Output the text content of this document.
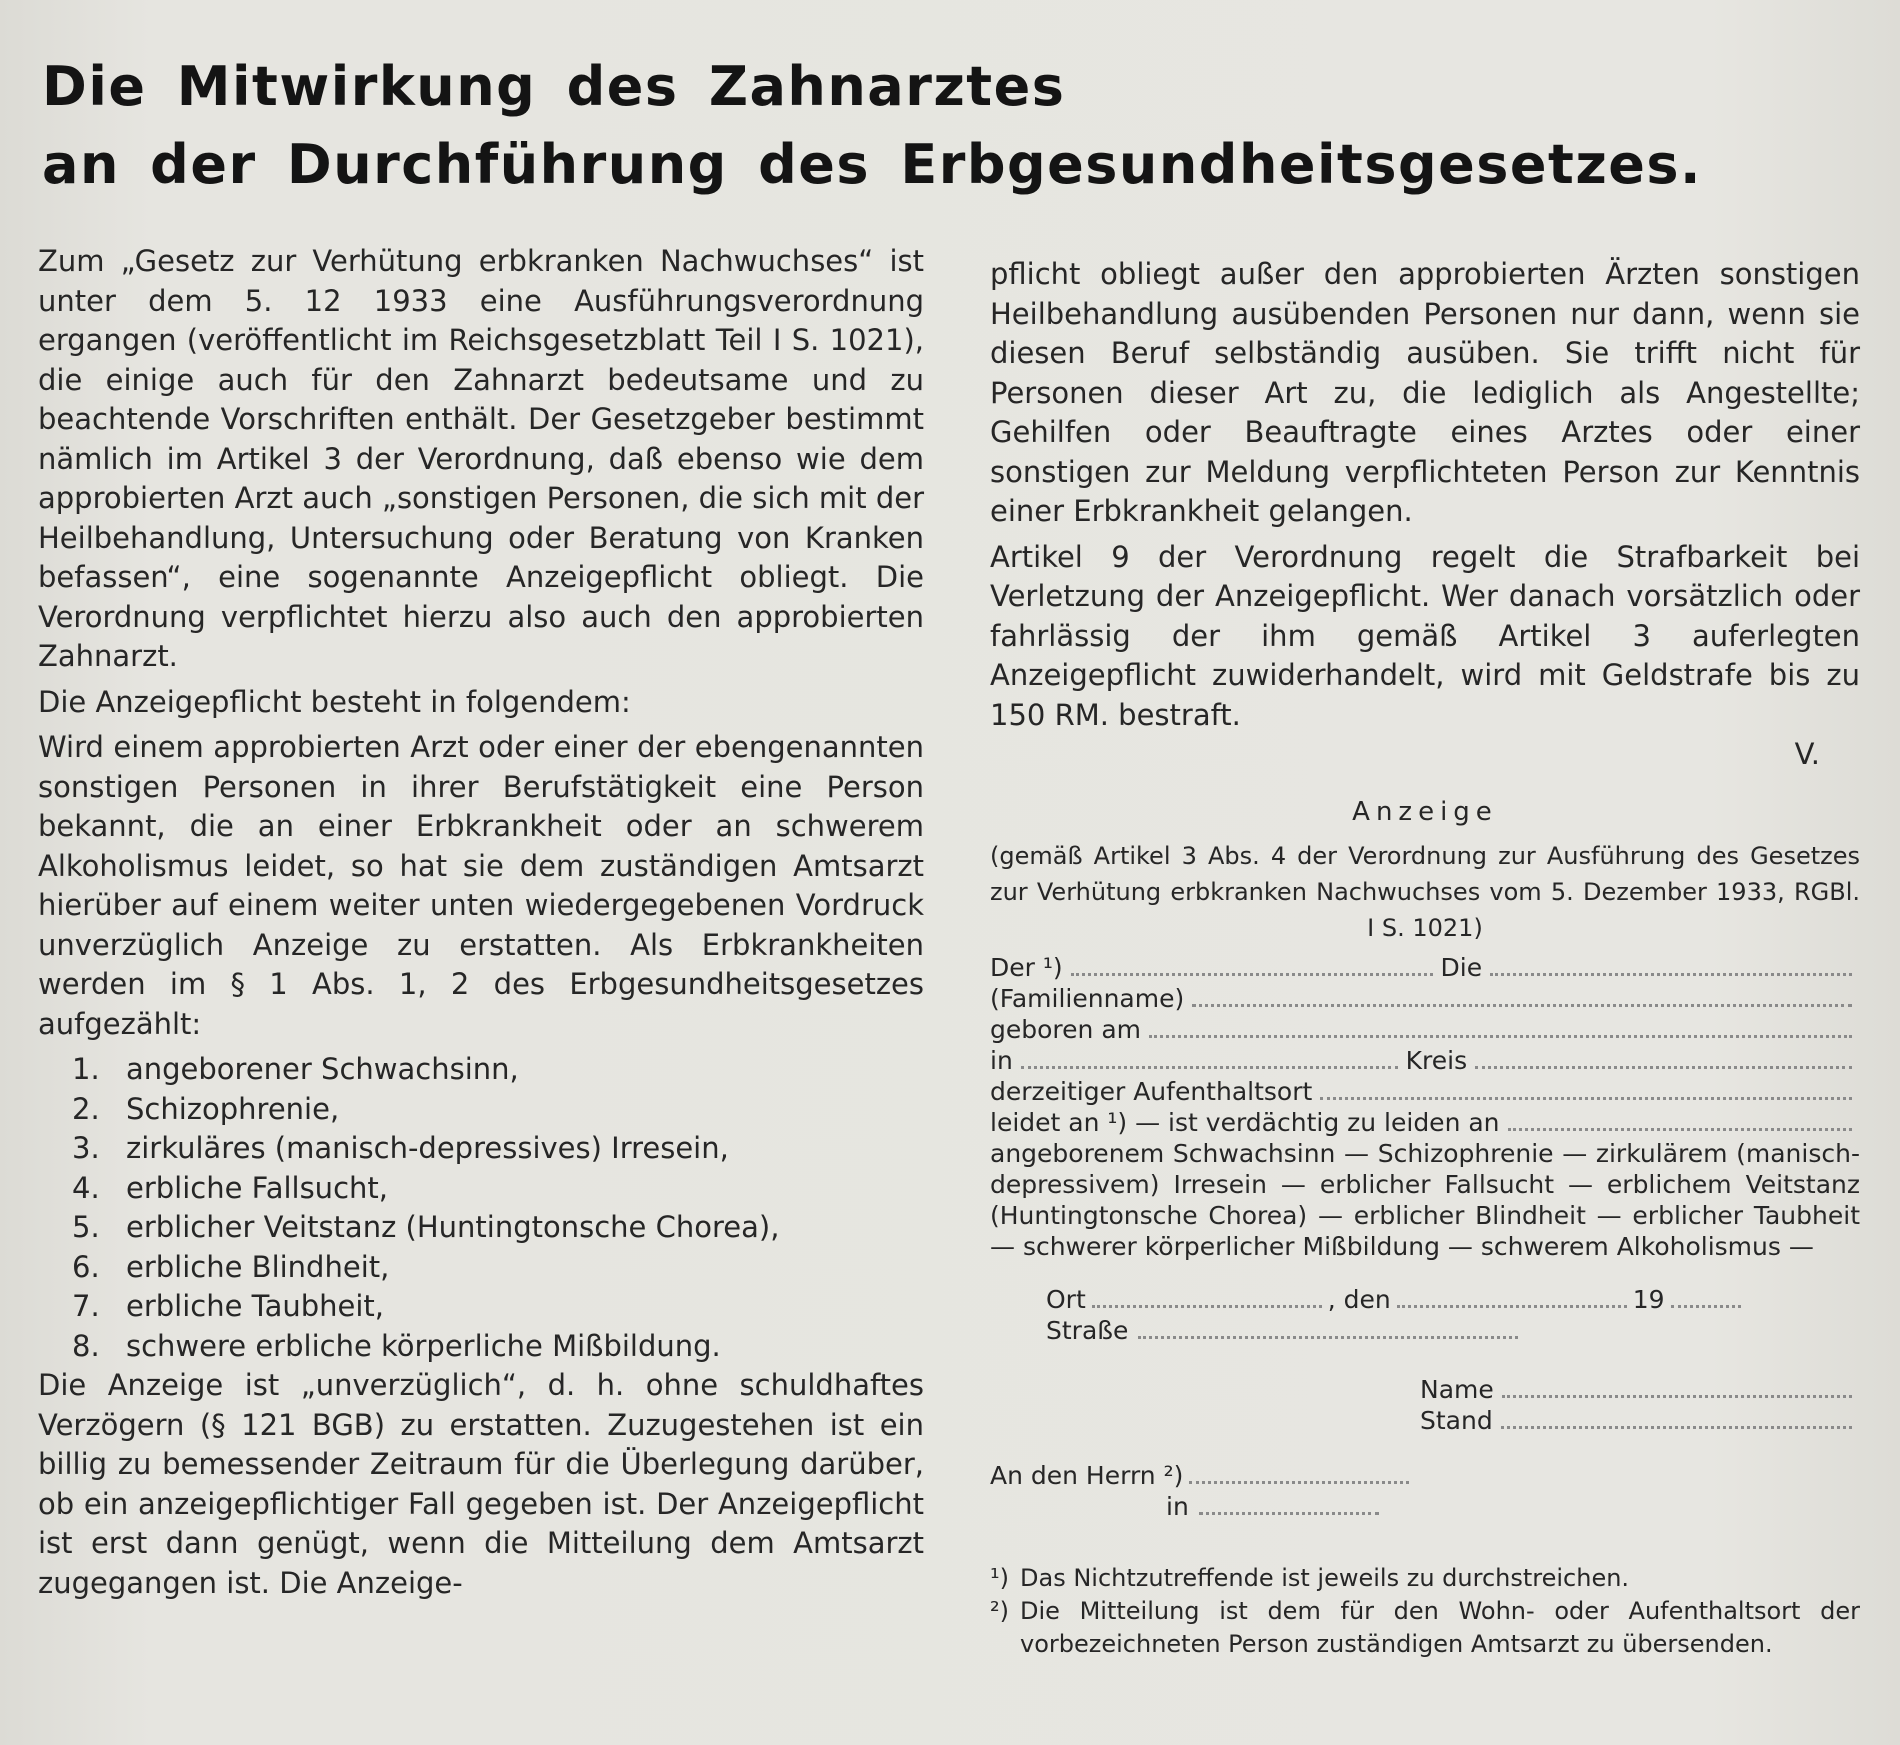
Die Mitwirkung des Zahnarztes
an der Durchführung des Erbgesundheitsgesetzes.

Zum „Gesetz zur Verhütung erbkranken Nachwuchses“ ist unter dem 5. 12 1933 eine Ausführungsverordnung ergangen (veröffentlicht im Reichsgesetzblatt Teil I S. 1021), die einige auch für den Zahnarzt bedeutsame und zu beachtende Vorschriften enthält. Der Gesetzgeber bestimmt nämlich im Artikel 3 der Verordnung, daß ebenso wie dem approbierten Arzt auch „sonstigen Personen, die sich mit der Heilbehandlung, Untersuchung oder Beratung von Kranken befassen“, eine sogenannte Anzeigepflicht obliegt. Die Verordnung verpflichtet hierzu also auch den approbierten Zahnarzt.

Die Anzeigepflicht besteht in folgendem:

Wird einem approbierten Arzt oder einer der ebengenannten sonstigen Personen in ihrer Berufstätigkeit eine Person bekannt, die an einer Erbkrankheit oder an schwerem Alkoholismus leidet, so hat sie dem zuständigen Amtsarzt hierüber auf einem weiter unten wiedergegebenen Vordruck unverzüglich Anzeige zu erstatten. Als Erbkrankheiten werden im § 1 Abs. 1, 2 des Erbgesundheitsgesetzes aufgezählt:

1. angeborener Schwachsinn,
2. Schizophrenie,
3. zirkuläres (manisch-depressives) Irresein,
4. erbliche Fallsucht,
5. erblicher Veitstanz (Huntingtonsche Chorea),
6. erbliche Blindheit,
7. erbliche Taubheit,
8. schwere erbliche körperliche Mißbildung.

Die Anzeige ist „unverzüglich“, d. h. ohne schuldhaftes Verzögern (§ 121 BGB) zu erstatten. Zuzugestehen ist ein billig zu bemessender Zeitraum für die Überlegung darüber, ob ein anzeigepflichtiger Fall gegeben ist. Der Anzeigepflicht ist erst dann genügt, wenn die Mitteilung dem Amtsarzt zugegangen ist. Die Anzeige-

pflicht obliegt außer den approbierten Ärzten sonstigen Heilbehandlung ausübenden Personen nur dann, wenn sie diesen Beruf selbständig ausüben. Sie trifft nicht für Personen dieser Art zu, die lediglich als Angestellte; Gehilfen oder Beauftragte eines Arztes oder einer sonstigen zur Meldung verpflichteten Person zur Kenntnis einer Erbkrankheit gelangen.

Artikel 9 der Verordnung regelt die Strafbarkeit bei Verletzung der Anzeigepflicht. Wer danach vorsätzlich oder fahrlässig der ihm gemäß Artikel 3 auferlegten Anzeigepflicht zuwiderhandelt, wird mit Geldstrafe bis zu 150 RM. bestraft.
V.

Anzeige

(gemäß Artikel 3 Abs. 4 der Verordnung zur Ausführung des Gesetzes zur Verhütung erbkranken Nachwuchses vom 5. Dezember 1933, RGBl. I S. 1021)

Der ¹)	Die
(Familienname)
geboren am
in	Kreis
derzeitiger Aufenthaltsort
leidet an ¹) — ist verdächtig zu leiden an

angeborenem Schwachsinn — Schizophrenie — zirkulärem (manisch-depressivem) Irresein — erblicher Fallsucht — erblichem Veitstanz (Huntingtonsche Chorea) — erblicher Blindheit — erblicher Taubheit — schwerer körperlicher Mißbildung — schwerem Alkoholismus —

Ort	, den	19
Straße
Name
Stand
An den Herrn ²)
in
¹) Das Nichtzutreffende ist jeweils zu durchstreichen.
²) Die Mitteilung ist dem für den Wohn- oder Aufenthaltsort der vorbezeichneten Person zuständigen Amtsarzt zu übersenden.
